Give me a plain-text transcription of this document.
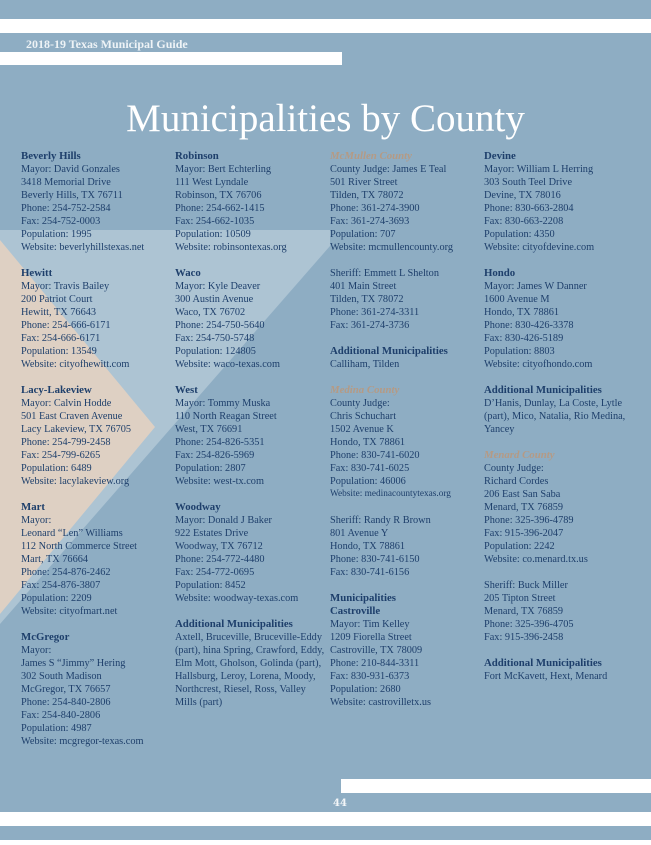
2018-19 Texas Municipal Guide
Municipalities by County
Beverly Hills
Mayor: David Gonzales
3418 Memorial Drive
Beverly Hills, TX 76711
Phone: 254-752-2584
Fax: 254-752-0003
Population: 1995
Website: beverlyhillstexas.net
Hewitt
Mayor: Travis Bailey
200 Patriot Court
Hewitt, TX 76643
Phone: 254-666-6171
Fax: 254-666-6171
Population: 13549
Website: cityofhewitt.com
Lacy-Lakeview
Mayor: Calvin Hodde
501 East Craven Avenue
Lacy Lakeview, TX 76705
Phone: 254-799-2458
Fax: 254-799-6265
Population: 6489
Website: lacylakeview.org
Mart
Mayor:
Leonard “Len” Williams
112 North Commerce Street
Mart, TX 76664
Phone: 254-876-2462
Fax: 254-876-3807
Population: 2209
Website: cityofmart.net
McGregor
Mayor:
James S “Jimmy” Hering
302 South Madison
McGregor, TX 76657
Phone: 254-840-2806
Fax: 254-840-2806
Population: 4987
Website: mcgregor-texas.com
Robinson
Mayor: Bert Echterling
111 West Lyndale
Robinson, TX 76706
Phone: 254-662-1415
Fax: 254-662-1035
Population: 10509
Website: robinsontexas.org
Waco
Mayor: Kyle Deaver
300 Austin Avenue
Waco, TX 76702
Phone: 254-750-5640
Fax: 254-750-5748
Population: 124805
Website: waco-texas.com
West
Mayor: Tommy Muska
110 North Reagan Street
West, TX 76691
Phone: 254-826-5351
Fax: 254-826-5969
Population: 2807
Website: west-tx.com
Woodway
Mayor: Donald J Baker
922 Estates Drive
Woodway, TX 76712
Phone: 254-772-4480
Fax: 254-772-0695
Population: 8452
Website: woodway-texas.com
Additional Municipalities
Axtell, Bruceville, Bruceville-Eddy (part), hina Spring, Crawford, Eddy, Elm Mott, Gholson, Golinda (part), Hallsburg, Leroy, Lorena, Moody, Northcrest, Riesel, Ross, Valley Mills (part)
McMullen County
County Judge: James E Teal
501 River Street
Tilden, TX 78072
Phone: 361-274-3900
Fax: 361-274-3693
Population: 707
Website: mcmullencounty.org
Sheriff: Emmett L Shelton
401 Main Street
Tilden, TX 78072
Phone: 361-274-3311
Fax: 361-274-3736
Additional Municipalities
Calliham, Tilden
Medina County
County Judge:
Chris Schuchart
1502 Avenue K
Hondo, TX 78861
Phone: 830-741-6020
Fax: 830-741-6025
Population: 46006
Website: medinacountytexas.org
Sheriff: Randy R Brown
801 Avenue Y
Hondo, TX 78861
Phone: 830-741-6150
Fax: 830-741-6156
Municipalities
Castroville
Mayor: Tim Kelley
1209 Fiorella Street
Castroville, TX 78009
Phone: 210-844-3311
Fax: 830-931-6373
Population: 2680
Website: castrovilletx.us
Devine
Mayor: William L Herring
303 South Teel Drive
Devine, TX 78016
Phone: 830-663-2804
Fax: 830-663-2208
Population: 4350
Website: cityofdevine.com
Hondo
Mayor: James W Danner
1600 Avenue M
Hondo, TX 78861
Phone: 830-426-3378
Fax: 830-426-5189
Population: 8803
Website: cityofhondo.com
Additional Municipalities
D’Hanis, Dunlay, La Coste, Lytle (part), Mico, Natalia, Rio Medina, Yancey
Menard County
County Judge:
Richard Cordes
206 East San Saba
Menard, TX 76859
Phone: 325-396-4789
Fax: 915-396-2047
Population: 2242
Website: co.menard.tx.us
Sheriff: Buck Miller
205 Tipton Street
Menard, TX 76859
Phone: 325-396-4705
Fax: 915-396-2458
Additional Municipalities
Fort McKavett, Hext, Menard
44
